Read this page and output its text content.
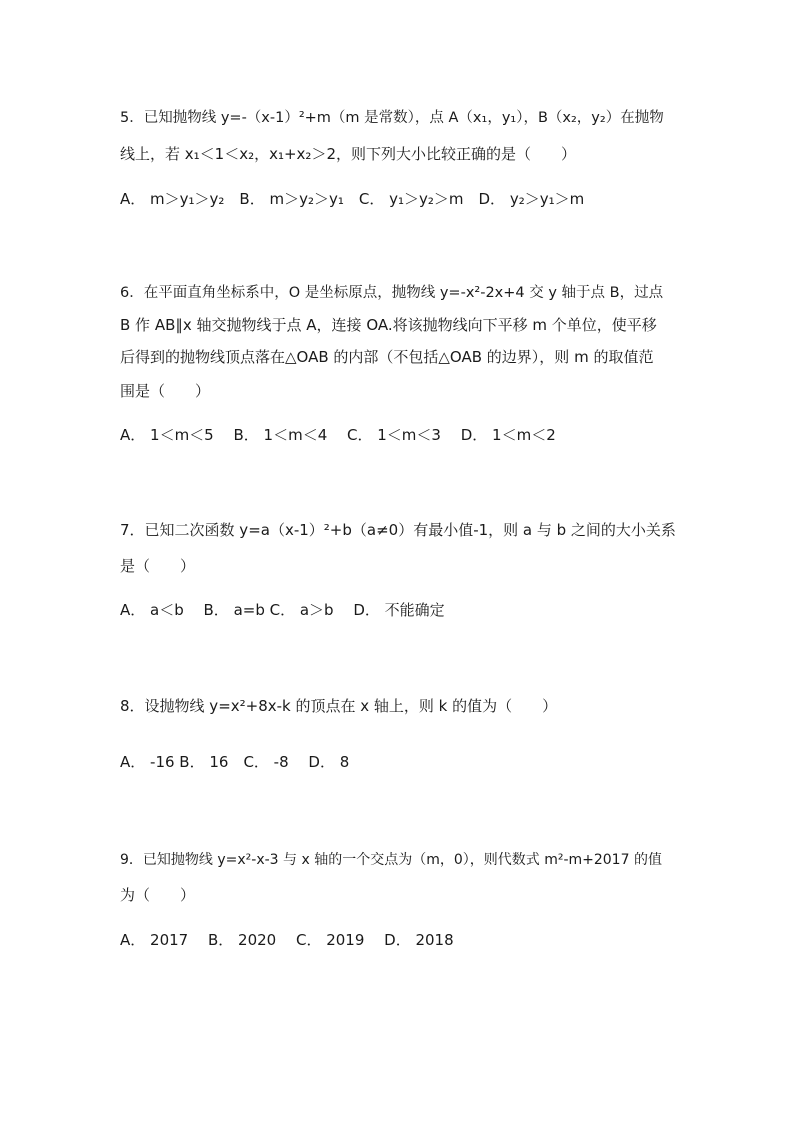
5．已知抛物线 y=-（x-1）²+m（m 是常数），点 A（x₁，y₁），B（x₂，y₂）在抛物
线上，若 x₁＜1＜x₂，x₁+x₂＞2，则下列大小比较正确的是（　　）
A． m＞y₁＞y₂　B． m＞y₂＞y₁　C． y₁＞y₂＞m　D． y₂＞y₁＞m
6．在平面直角坐标系中，O 是坐标原点，抛物线 y=-x²-2x+4 交 y 轴于点 B，过点
B 作 AB∥x 轴交抛物线于点 A，连接 OA.将该抛物线向下平移 m 个单位，使平移
后得到的抛物线顶点落在△OAB 的内部（不包括△OAB 的边界），则 m 的取值范
围是（　　）
A． 1＜m＜5　 B． 1＜m＜4　 C． 1＜m＜3　 D． 1＜m＜2
7．已知二次函数 y=a（x-1）²+b（a≠0）有最小值-1，则 a 与 b 之间的大小关系
是（　　）
A． a＜b　 B． a=b C． a＞b　 D． 不能确定
8．设抛物线 y=x²+8x-k 的顶点在 x 轴上，则 k 的值为（　　）
A． -16 B． 16　C． -8　 D． 8
9．已知抛物线 y=x²-x-3 与 x 轴的一个交点为（m，0），则代数式 m²-m+2017 的值
为（　　）
A． 2017　 B． 2020　 C． 2019　 D． 2018
